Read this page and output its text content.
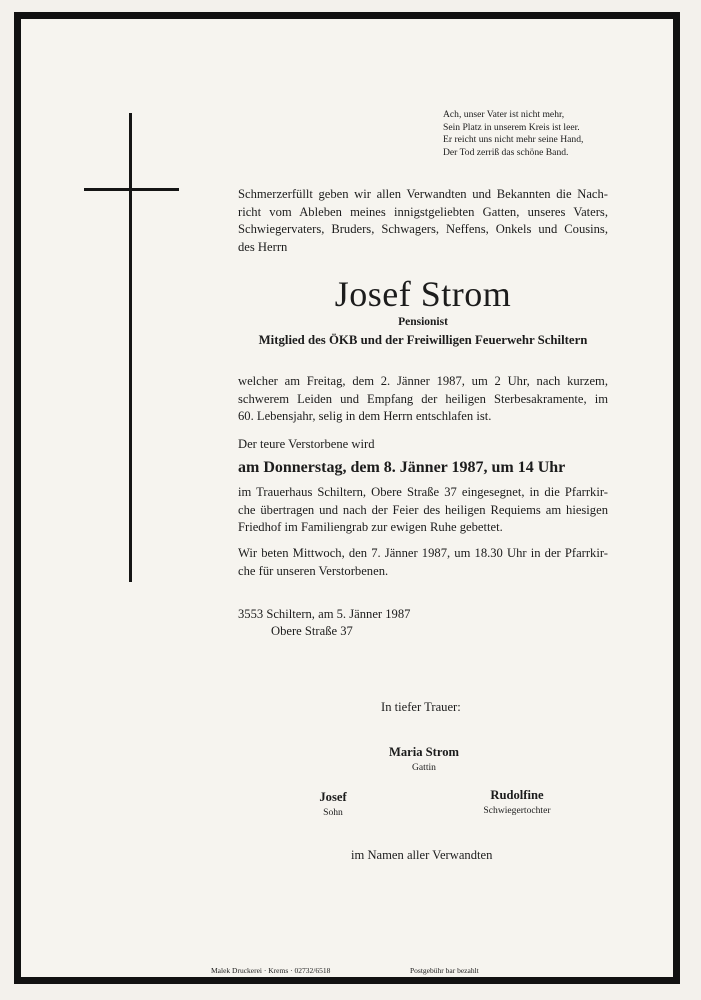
Ach, unser Vater ist nicht mehr,
Sein Platz in unserem Kreis ist leer.
Er reicht uns nicht mehr seine Hand,
Der Tod zerriß das schöne Band.
Schmerzerfüllt geben wir allen Verwandten und Bekannten die Nach-
richt vom Ableben meines innigstgeliebten Gatten, unseres Vaters,
Schwiegervaters, Bruders, Schwagers, Neffens, Onkels und Cousins,
des Herrn
Josef Strom
Pensionist
Mitglied des ÖKB und der Freiwilligen Feuerwehr Schiltern
welcher am Freitag, dem 2. Jänner 1987, um 2 Uhr, nach kurzem,
schwerem Leiden und Empfang der heiligen Sterbesakramente, im
60. Lebensjahr, selig in dem Herrn entschlafen ist.
Der teure Verstorbene wird
am Donnerstag, dem 8. Jänner 1987, um 14 Uhr
im Trauerhaus Schiltern, Obere Straße 37 eingesegnet, in die Pfarrkir-
che übertragen und nach der Feier des heiligen Requiems am hiesigen
Friedhof im Familiengrab zur ewigen Ruhe gebettet.
Wir beten Mittwoch, den 7. Jänner 1987, um 18.30 Uhr in der Pfarrkir-
che für unseren Verstorbenen.
3553 Schiltern, am 5. Jänner 1987
Obere Straße 37
In tiefer Trauer:
Maria Strom
Gattin
Josef
Sohn
Rudolfine
Schwiegertochter
im Namen aller Verwandten
Malek Druckerei · Krems · 02732/6518	Postgebühr bar bezahlt
